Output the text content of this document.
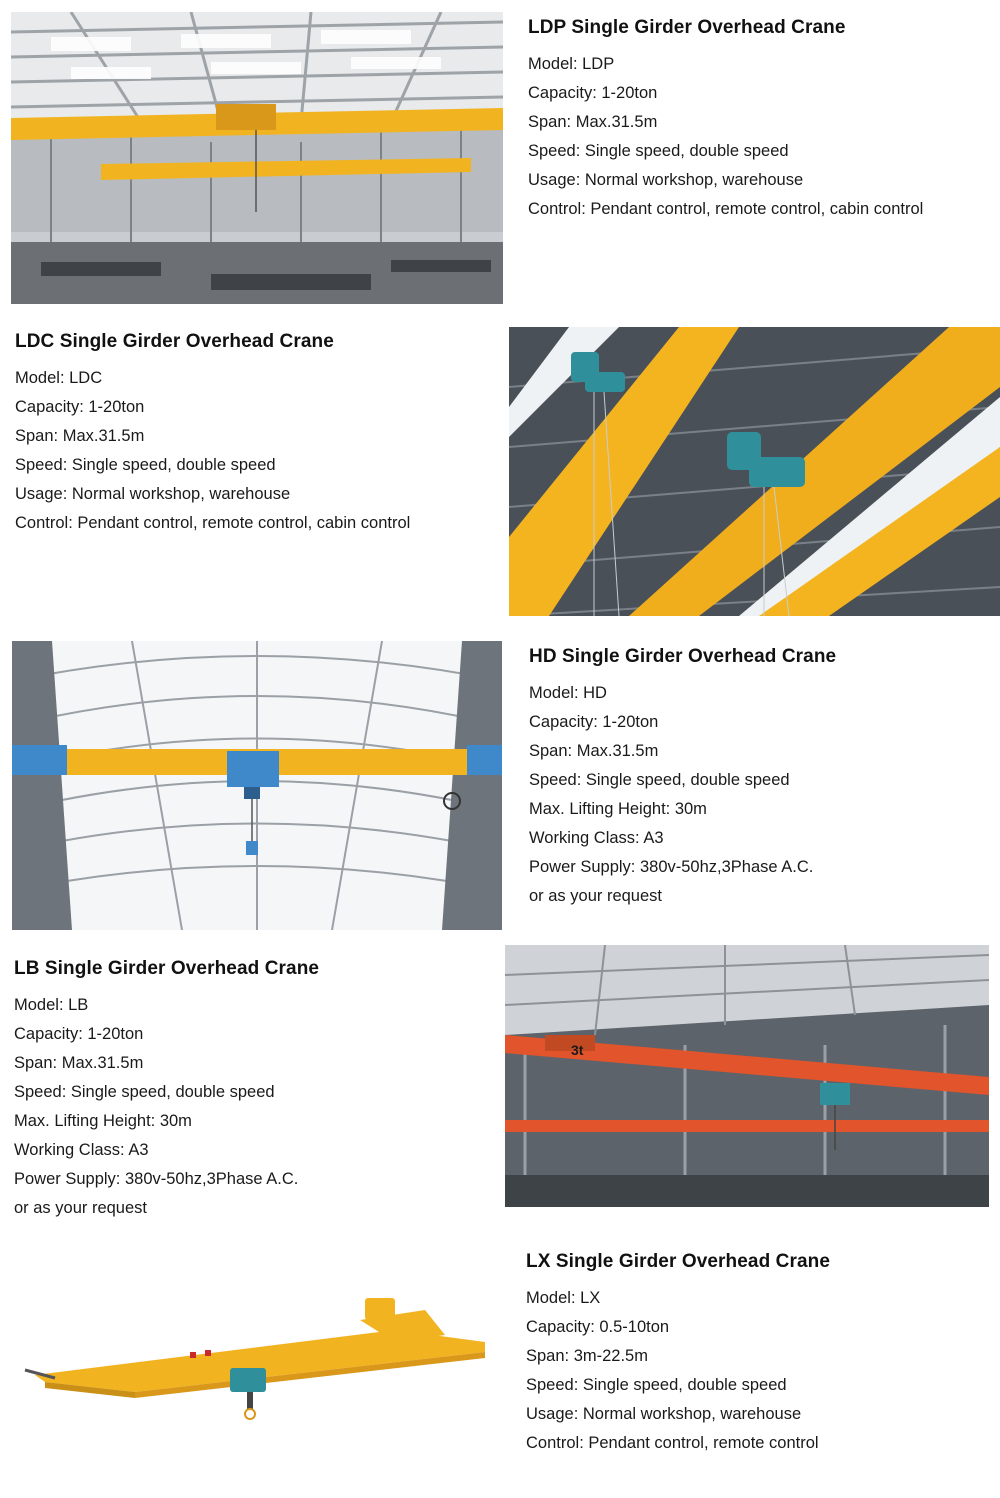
LDP Single Girder Overhead Crane

Model: LDP

Capacity: 1-20ton

Span: Max.31.5m

Speed: Single speed, double speed

Usage: Normal workshop, warehouse

Control: Pendant control, remote control, cabin control

LDC Single Girder Overhead Crane

Model: LDC

Capacity: 1-20ton

Span: Max.31.5m

Speed: Single speed, double speed

Usage: Normal workshop, warehouse

Control: Pendant control, remote control, cabin control

HD Single Girder Overhead Crane

Model: HD

Capacity: 1-20ton

Span: Max.31.5m

Speed: Single speed, double speed

Max. Lifting Height: 30m

Working Class: A3

Power Supply: 380v-50hz,3Phase A.C.

or as your request

LB Single Girder Overhead Crane

Model: LB

Capacity: 1-20ton

Span: Max.31.5m

Speed: Single speed, double speed

Max. Lifting Height: 30m

Working Class: A3

Power Supply: 380v-50hz,3Phase A.C.

or as your request

3t

LX Single Girder Overhead Crane

Model: LX

Capacity: 0.5-10ton

Span: 3m-22.5m

Speed: Single speed, double speed

Usage: Normal workshop, warehouse

Control: Pendant control, remote control
